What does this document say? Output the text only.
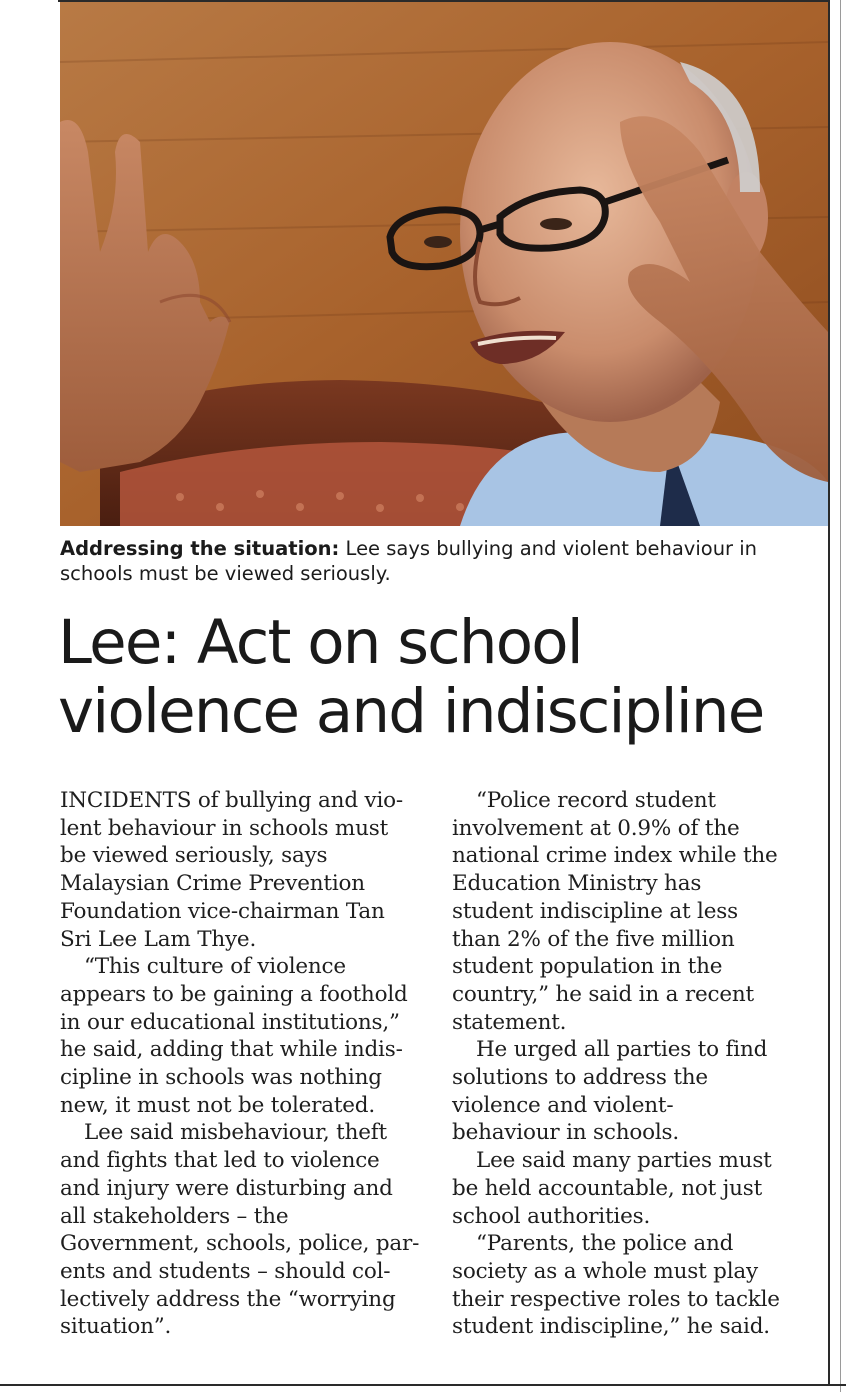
Addressing the situation: Lee says bullying and violent behaviour in
schools must be viewed seriously.
Lee: Act on school
violence and indiscipline
INCIDENTS of bullying and vio-
lent behaviour in schools must
be viewed seriously, says
Malaysian Crime Prevention
Foundation vice-chairman Tan
Sri Lee Lam Thye.
“This culture of violence
appears to be gaining a foothold
in our educational institutions,”
he said, adding that while indis-
cipline in schools was nothing
new, it must not be tolerated.
Lee said misbehaviour, theft
and fights that led to violence
and injury were disturbing and
all stakeholders – the
Government, schools, police, par-
ents and students – should col-
lectively address the “worrying
situation”.
“Police record student
involvement at 0.9% of the
national crime index while the
Education Ministry has
student indiscipline at less
than 2% of the five million
student population in the
country,” he said in a recent
statement.
He urged all parties to find
solutions to address the
violence and violent-
behaviour in schools.
Lee said many parties must
be held accountable, not just
school authorities.
“Parents, the police and
society as a whole must play
their respective roles to tackle
student indiscipline,” he said.
